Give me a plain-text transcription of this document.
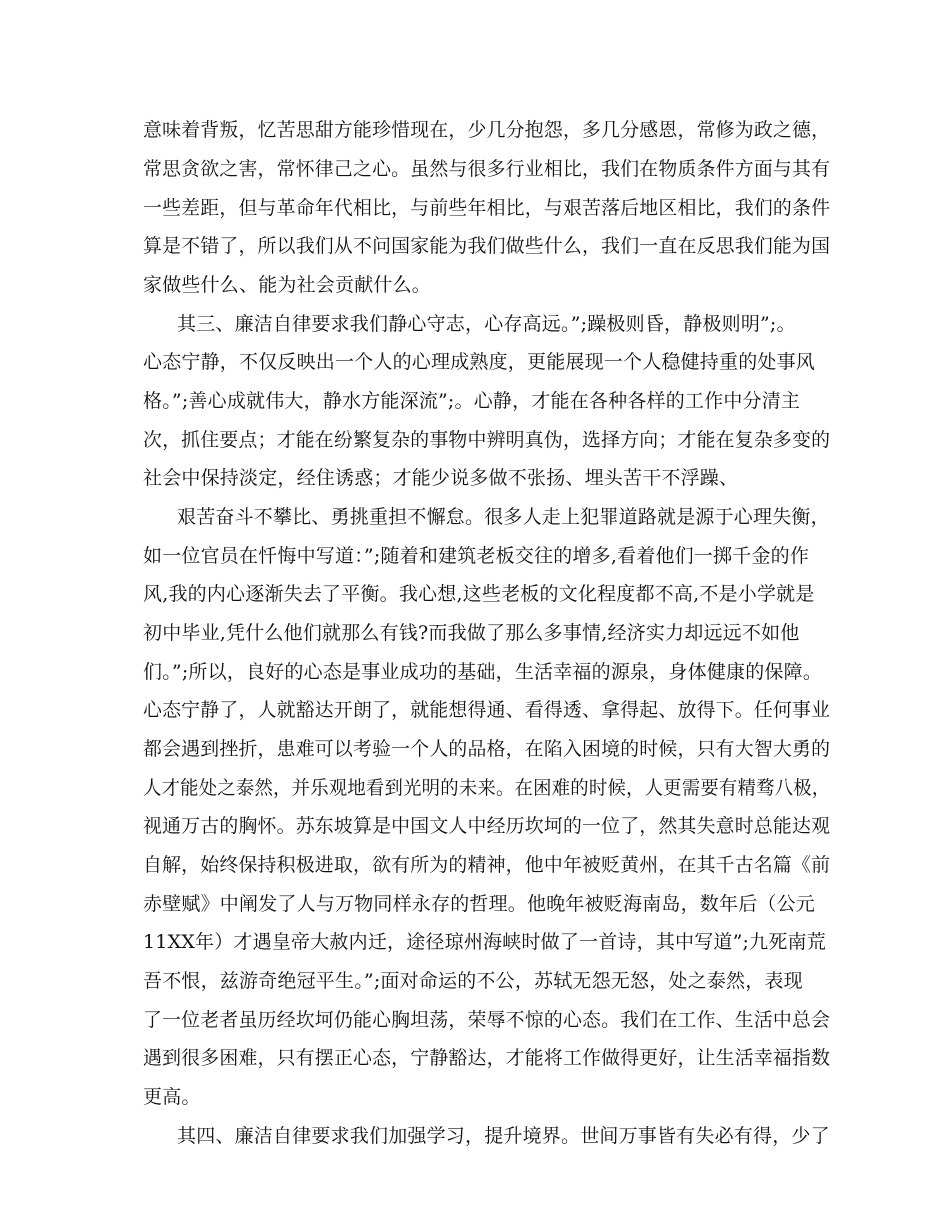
意味着背叛，忆苦思甜方能珍惜现在，少几分抱怨，多几分感恩，常修为政之德，
常思贪欲之害，常怀律己之心。虽然与很多行业相比，我们在物质条件方面与其有
一些差距，但与革命年代相比，与前些年相比，与艰苦落后地区相比，我们的条件
算是不错了，所以我们从不问国家能为我们做些什么，我们一直在反思我们能为国
家做些什么、能为社会贡献什么。
其三、廉洁自律要求我们静心守志，心存高远。”;躁极则昏，静极则明”;。
心态宁静，不仅反映出一个人的心理成熟度，更能展现一个人稳健持重的处事风
格。”;善心成就伟大，静水方能深流”;。心静，才能在各种各样的工作中分清主
次，抓住要点；才能在纷繁复杂的事物中辨明真伪，选择方向；才能在复杂多变的
社会中保持淡定，经住诱惑；才能少说多做不张扬、埋头苦干不浮躁、
艰苦奋斗不攀比、勇挑重担不懈怠。很多人走上犯罪道路就是源于心理失衡，
如一位官员在忏悔中写道：”;随着和建筑老板交往的增多,看着他们一掷千金的作
风,我的内心逐渐失去了平衡。我心想,这些老板的文化程度都不高,不是小学就是
初中毕业,凭什么他们就那么有钱?而我做了那么多事情,经济实力却远远不如他
们。”;所以，良好的心态是事业成功的基础，生活幸福的源泉，身体健康的保障。
心态宁静了，人就豁达开朗了，就能想得通、看得透、拿得起、放得下。任何事业
都会遇到挫折，患难可以考验一个人的品格，在陷入困境的时候，只有大智大勇的
人才能处之泰然，并乐观地看到光明的未来。在困难的时候，人更需要有精骛八极，
视通万古的胸怀。苏东坡算是中国文人中经历坎坷的一位了，然其失意时总能达观
自解，始终保持积极进取，欲有所为的精神，他中年被贬黄州，在其千古名篇《前
赤壁赋》中阐发了人与万物同样永存的哲理。他晚年被贬海南岛，数年后（公元
11XX年）才遇皇帝大赦内迁，途径琼州海峡时做了一首诗，其中写道”;九死南荒
吾不恨，兹游奇绝冠平生。”;面对命运的不公，苏轼无怨无怒，处之泰然，表现
了一位老者虽历经坎坷仍能心胸坦荡，荣辱不惊的心态。我们在工作、生活中总会
遇到很多困难，只有摆正心态，宁静豁达，才能将工作做得更好，让生活幸福指数
更高。
其四、廉洁自律要求我们加强学习，提升境界。世间万事皆有失必有得，少了
